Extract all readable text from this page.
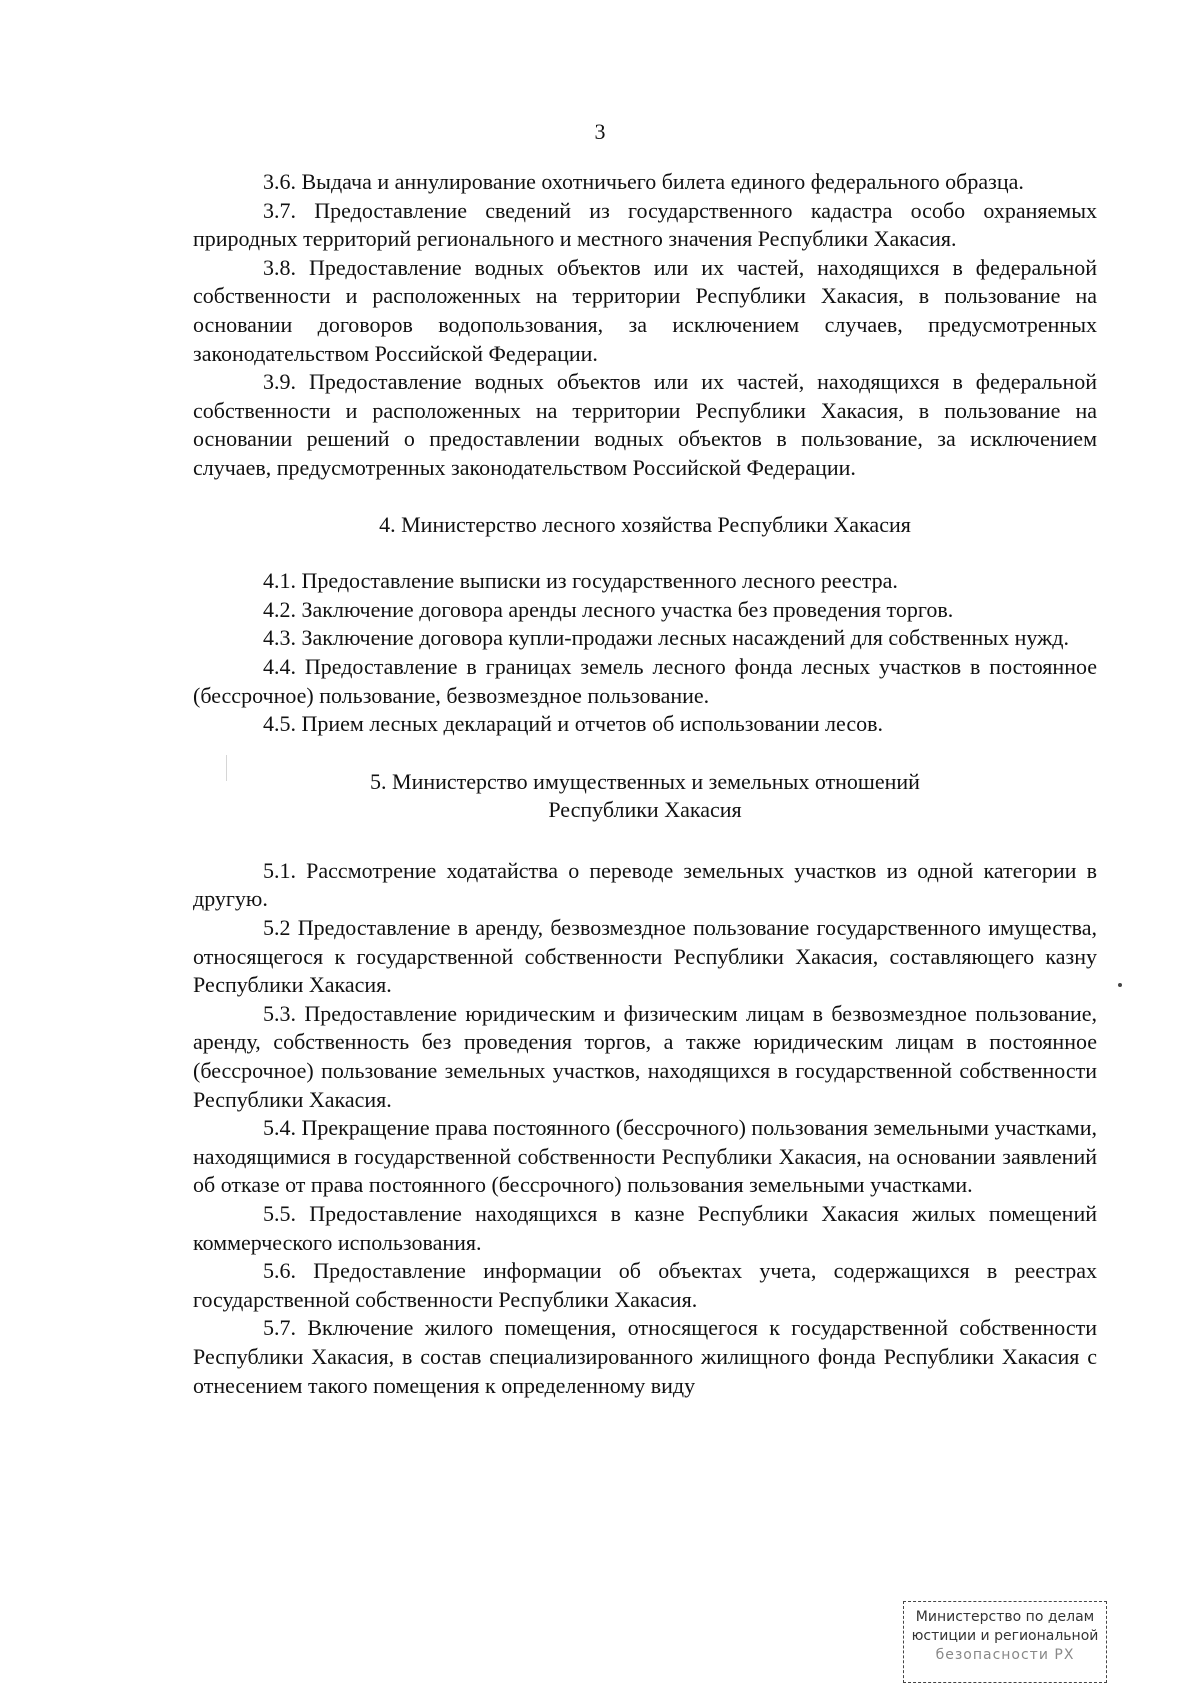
3

3.6. Выдача и аннулирование охотничьего билета единого федерального образца.

3.7. Предоставление сведений из государственного кадастра особо охраняемых природных территорий регионального и местного значения Республики Хакасия.

3.8. Предоставление водных объектов или их частей, находящихся в федеральной собственности и расположенных на территории Республики Хакасия, в пользование на основании договоров водопользования, за исключением случаев, предусмотренных законодательством Российской Федерации.

3.9. Предоставление водных объектов или их частей, находящихся в федеральной собственности и расположенных на территории Республики Хакасия, в пользование на основании решений о предоставлении водных объектов в пользование, за исключением случаев, предусмотренных законодательством Российской Федерации.

4. Министерство лесного хозяйства Республики Хакасия

4.1. Предоставление выписки из государственного лесного реестра.

4.2. Заключение договора аренды лесного участка без проведения торгов.

4.3. Заключение договора купли-продажи лесных насаждений для собственных нужд.

4.4. Предоставление в границах земель лесного фонда лесных участков в постоянное (бессрочное) пользование, безвозмездное пользование.

4.5. Прием лесных деклараций и отчетов об использовании лесов.

5. Министерство имущественных и земельных отношений

Республики Хакасия

5.1. Рассмотрение ходатайства о переводе земельных участков из одной категории в другую.

5.2 Предоставление в аренду, безвозмездное пользование государственного имущества, относящегося к государственной собственности Республики Хакасия, составляющего казну Республики Хакасия.

5.3. Предоставление юридическим и физическим лицам в безвозмездное пользование, аренду, собственность без проведения торгов, а также юридическим лицам в постоянное (бессрочное) пользование земельных участков, находящихся в государственной собственности Республики Хакасия.

5.4. Прекращение права постоянного (бессрочного) пользования земельными участками, находящимися в государственной собственности Республики Хакасия, на основании заявлений об отказе от права постоянного (бессрочного) пользования земельными участками.

5.5. Предоставление находящихся в казне Республики Хакасия жилых помещений коммерческого использования.

5.6. Предоставление информации об объектах учета, содержащихся в реестрах государственной собственности Республики Хакасия.

5.7. Включение жилого помещения, относящегося к государственной собственности Республики Хакасия, в состав специализированного жилищного фонда Республики Хакасия с отнесением такого помещения к определенному виду

Министерство по делам
юстиции и региональной
безопасности РХ
